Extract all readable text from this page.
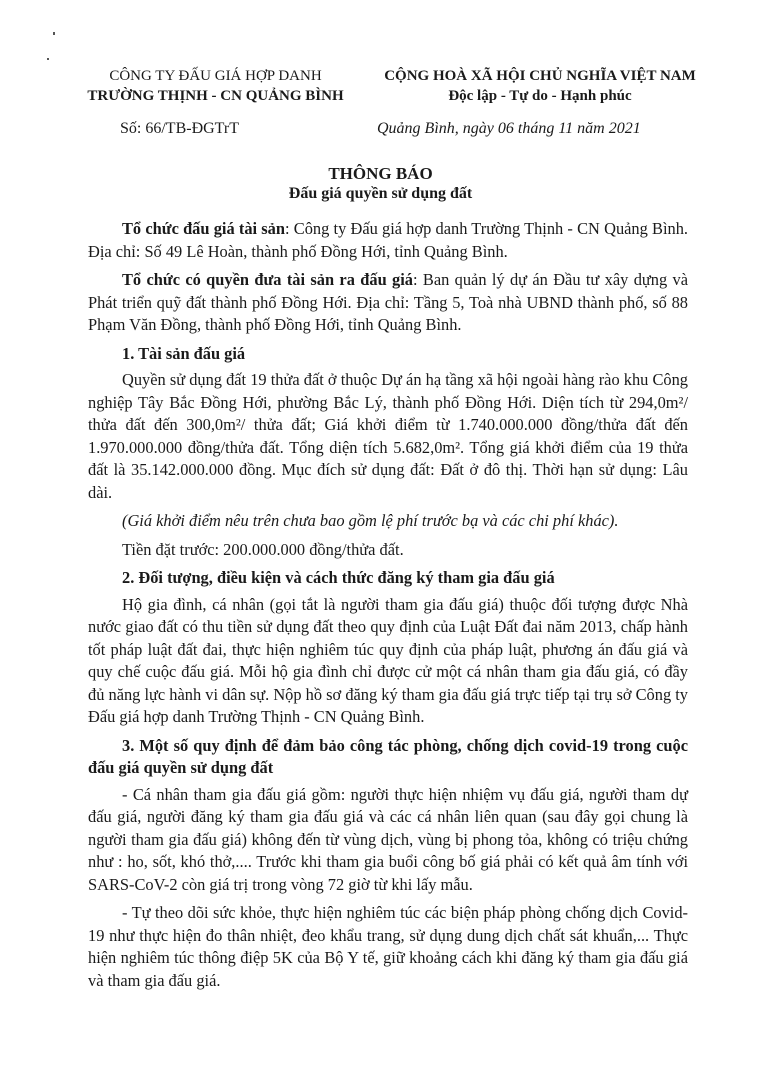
CÔNG TY ĐẤU GIÁ HỢP DANH
TRƯỜNG THỊNH - CN QUẢNG BÌNH
CỘNG HOÀ XÃ HỘI CHỦ NGHĨA VIỆT NAM
Độc lập - Tự do - Hạnh phúc
Số: 66/TB-ĐGTrT	Quảng Bình, ngày 06 tháng 11 năm 2021
THÔNG BÁO
Đấu giá quyền sử dụng đất

Tổ chức đấu giá tài sản: Công ty Đấu giá hợp danh Trường Thịnh - CN Quảng Bình. Địa chỉ: Số 49 Lê Hoàn, thành phố Đồng Hới, tỉnh Quảng Bình.

Tổ chức có quyền đưa tài sản ra đấu giá: Ban quản lý dự án Đầu tư xây dựng và Phát triển quỹ đất thành phố Đồng Hới. Địa chỉ: Tầng 5, Toà nhà UBND thành phố, số 88 Phạm Văn Đồng, thành phố Đồng Hới, tỉnh Quảng Bình.

1. Tài sản đấu giá

Quyền sử dụng đất 19 thửa đất ở thuộc Dự án hạ tầng xã hội ngoài hàng rào khu Công nghiệp Tây Bắc Đồng Hới, phường Bắc Lý, thành phố Đồng Hới. Diện tích từ 294,0m²/ thửa đất đến 300,0m²/ thửa đất; Giá khởi điểm từ 1.740.000.000 đồng/thửa đất đến 1.970.000.000 đồng/thửa đất. Tổng diện tích 5.682,0m². Tổng giá khởi điểm của 19 thửa đất là 35.142.000.000 đồng. Mục đích sử dụng đất: Đất ở đô thị. Thời hạn sử dụng: Lâu dài.

(Giá khởi điểm nêu trên chưa bao gồm lệ phí trước bạ và các chi phí khác).

Tiền đặt trước: 200.000.000 đồng/thửa đất.

2. Đối tượng, điều kiện và cách thức đăng ký tham gia đấu giá

Hộ gia đình, cá nhân (gọi tắt là người tham gia đấu giá) thuộc đối tượng được Nhà nước giao đất có thu tiền sử dụng đất theo quy định của Luật Đất đai năm 2013, chấp hành tốt pháp luật đất đai, thực hiện nghiêm túc quy định của pháp luật, phương án đấu giá và quy chế cuộc đấu giá. Mỗi hộ gia đình chỉ được cử một cá nhân tham gia đấu giá, có đầy đủ năng lực hành vi dân sự. Nộp hồ sơ đăng ký tham gia đấu giá trực tiếp tại trụ sở Công ty Đấu giá hợp danh Trường Thịnh - CN Quảng Bình.

3. Một số quy định để đảm bảo công tác phòng, chống dịch covid-19 trong cuộc đấu giá quyền sử dụng đất

- Cá nhân tham gia đấu giá gồm: người thực hiện nhiệm vụ đấu giá, người tham dự đấu giá, người đăng ký tham gia đấu giá và các cá nhân liên quan (sau đây gọi chung là người tham gia đấu giá) không đến từ vùng dịch, vùng bị phong tỏa, không có triệu chứng như : ho, sốt, khó thở,.... Trước khi tham gia buổi công bố giá phải có kết quả âm tính với SARS-CoV-2 còn giá trị trong vòng 72 giờ từ khi lấy mẫu.

- Tự theo dõi sức khỏe, thực hiện nghiêm túc các biện pháp phòng chống dịch Covid-19 như thực hiện đo thân nhiệt, đeo khẩu trang, sử dụng dung dịch chất sát khuẩn,... Thực hiện nghiêm túc thông điệp 5K của Bộ Y tế, giữ khoảng cách khi đăng ký tham gia đấu giá và tham gia đấu giá.
